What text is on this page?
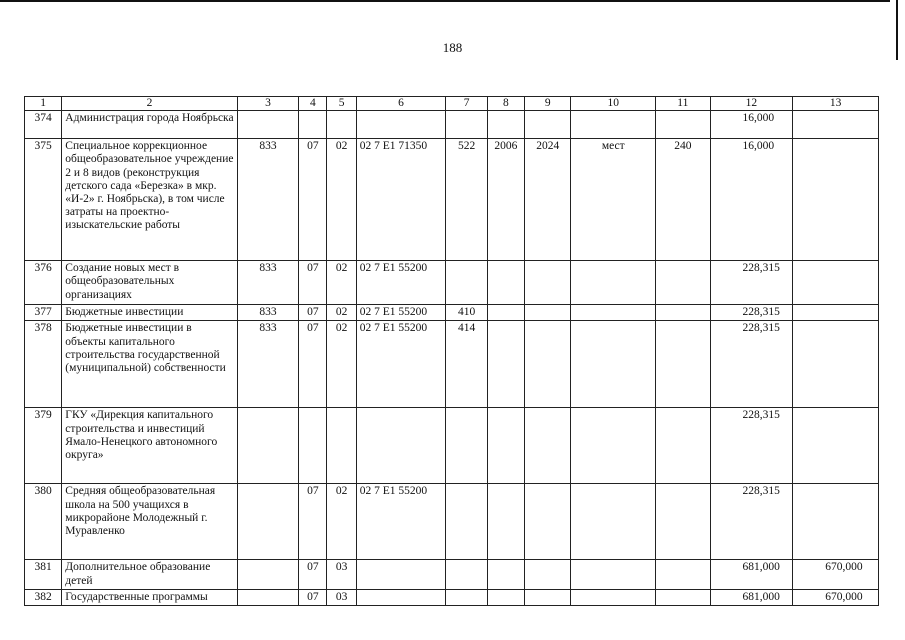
188
1	2	3	4	5	6	7	8	9	10	11	12	13
374	Администрация города Ноябрьска										16,000	
375	Специальное коррекционное общеобразовательное учреждение 2 и 8 видов (реконструкция детского сада «Березка» в мкр. «И-2» г. Ноябрьска), в том числе затраты на проектно-изыскательские работы	833	07	02	02 7 Е1 71350	522	2006	2024	мест	240	16,000	
376	Создание новых мест в общеобразовательных организациях	833	07	02	02 7 Е1 55200						228,315	
377	Бюджетные инвестиции	833	07	02	02 7 Е1 55200	410					228,315	
378	Бюджетные инвестиции в объекты капитального строительства государственной (муниципальной) собственности	833	07	02	02 7 Е1 55200	414					228,315	
379	ГКУ «Дирекция капитального строительства и инвестиций Ямало-Ненецкого автономного округа»										228,315	
380	Средняя общеобразовательная школа на 500 учащихся в микрорайоне Молодежный г. Муравленко		07	02	02 7 Е1 55200						228,315	
381	Дополнительное образование детей		07	03							681,000	670,000
382	Государственные программы		07	03							681,000	670,000
